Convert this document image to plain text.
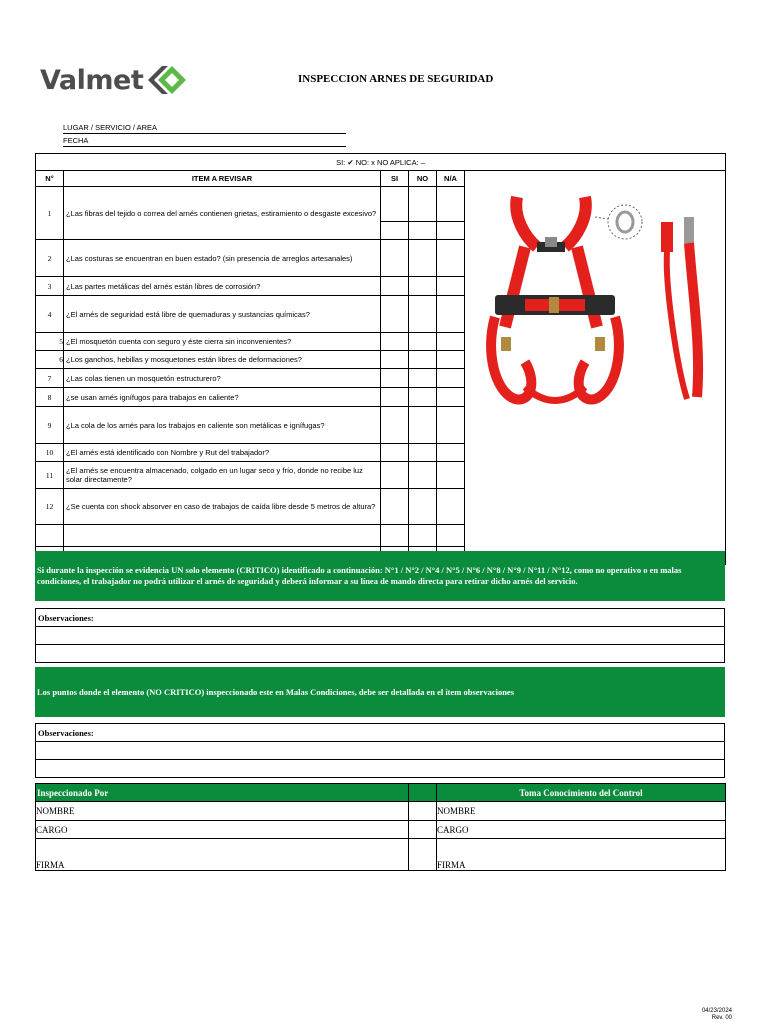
Valmet	INSPECCION ARNES DE SEGURIDAD
LUGAR / SERVICIO / AREA
FECHA
SI: ✔ NO: x NO APLICA: –					
N°	ITEM A REVISAR	SI	NO	N/A	

1	¿Las fibras del tejido o correa del arnés contienen grietas, estiramiento o desgaste excesivo?				

2	¿Las costuras se encuentran en buen estado? (sin presencia de arreglos artesanales)				
3	¿Las partes metálicas del arnés están libres de corrosión?				
4	¿El arnés de seguridad está libre de quemaduras y sustancias químicas?				
5	¿El mosquetón cuenta con seguro y éste cierra sin inconvenientes?				
6	¿Los ganchos, hebillas y mosquetones están libres de deformaciones?				
7	¿Las colas tienen un mosquetón estructurero?				
8	¿se usan arnés ignífugos para trabajos en caliente?				
9	¿La cola de los arnés para los trabajos en caliente son metálicas e ignífugas?				
10	¿El arnés está identificado con Nombre y Rut del trabajador?				
11	¿El arnés se encuentra almacenado, colgado en un lugar seco y frío, donde no recibe luz solar directamente?				
12	¿Se cuenta con shock absorver en caso de trabajos de caída libre desde 5 metros de altura?				

Si durante la inspección se evidencia UN solo elemento (CRITICO) identificado a continuación: N°1 / N°2 / N°4 / N°5 / N°6 / N°8 / N°9 / N°11 / N°12, como no operativo o en malas condiciones, el trabajador no podrá utilizar el arnés de seguridad y deberá informar a su línea de mando directa para retirar dicho arnés del servicio.
Observaciones:

Los puntos donde el elemento (NO CRITICO) inspeccionado este en Malas Condiciones, debe ser detallada en el ítem observaciones
Observaciones:

Inspeccionado Por		Toma Conocimiento del Control
NOMBRE		NOMBRE
CARGO		CARGO
FIRMA		FIRMA
04/23/2024
Rev. 00
